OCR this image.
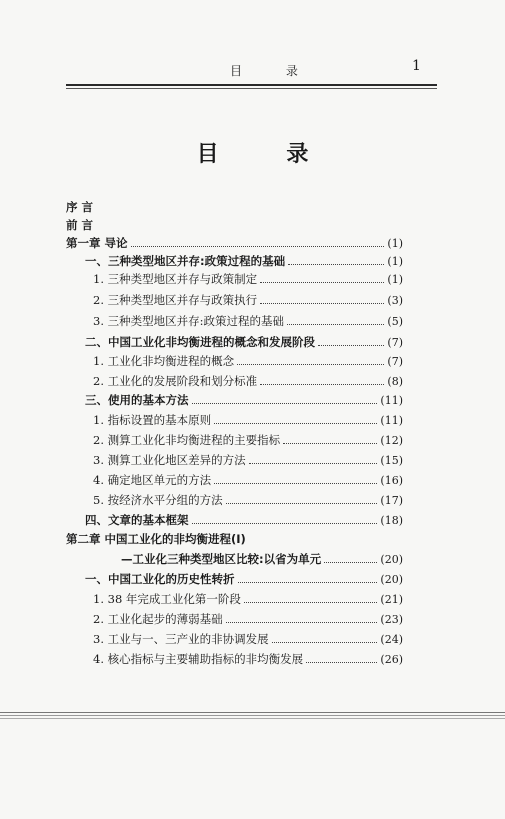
目 录	1
目 录
序 言
前 言
第一章 导论	(1)
一、三种类型地区并存:政策过程的基础	(1)
1. 三种类型地区并存与政策制定	(1)
2. 三种类型地区并存与政策执行	(3)
3. 三种类型地区并存:政策过程的基础	(5)
二、中国工业化非均衡进程的概念和发展阶段	(7)
1. 工业化非均衡进程的概念	(7)
2. 工业化的发展阶段和划分标准	(8)
三、使用的基本方法	(11)
1. 指标设置的基本原则	(11)
2. 测算工业化非均衡进程的主要指标	(12)
3. 测算工业化地区差异的方法	(15)
4. 确定地区单元的方法	(16)
5. 按经济水平分组的方法	(17)
四、文章的基本框架	(18)
第二章 中国工业化的非均衡进程(Ⅰ)
—工业化三种类型地区比较:以省为单元	(20)
一、中国工业化的历史性转折	(20)
1. 38 年完成工业化第一阶段	(21)
2. 工业化起步的薄弱基础	(23)
3. 工业与一、三产业的非协调发展	(24)
4. 核心指标与主要辅助指标的非均衡发展	(26)
